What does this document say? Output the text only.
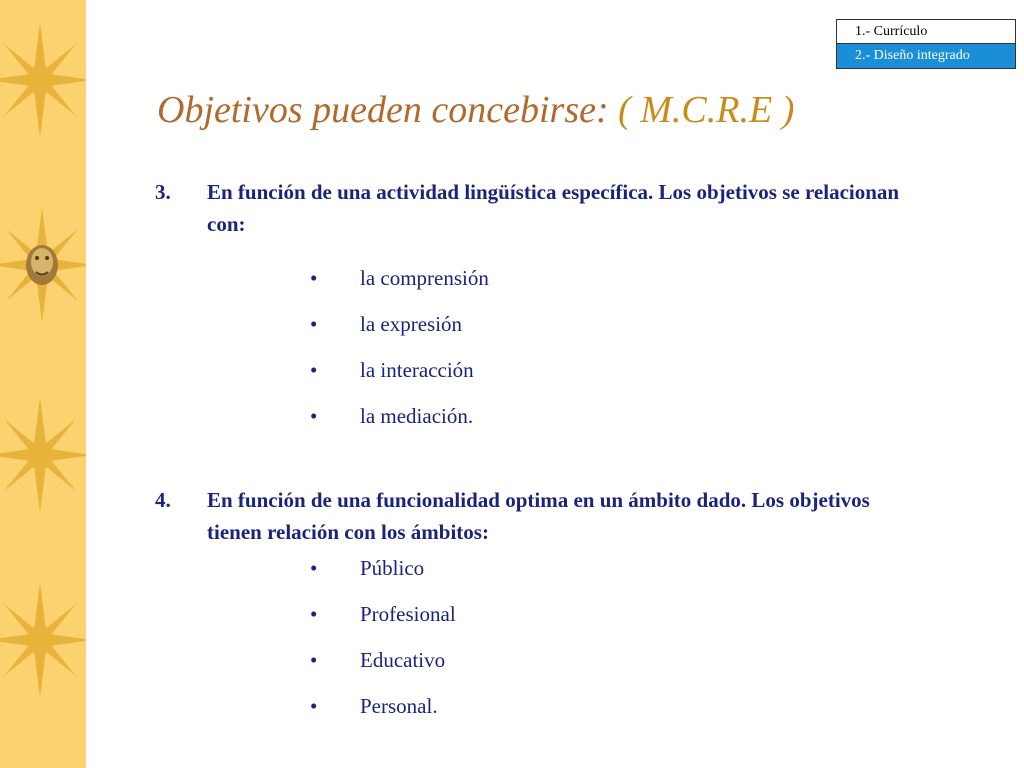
1.- Currículo
2.- Diseño integrado
Objetivos pueden concebirse: ( M.C.R.E )
3. En función de una actividad lingüística específica. Los objetivos se relacionan con:
• la comprensión
• la expresión
• la interacción
• la mediación.
4. En función de una funcionalidad optima en un ámbito dado. Los objetivos tienen relación con los ámbitos:
• Público
• Profesional
• Educativo
• Personal.
